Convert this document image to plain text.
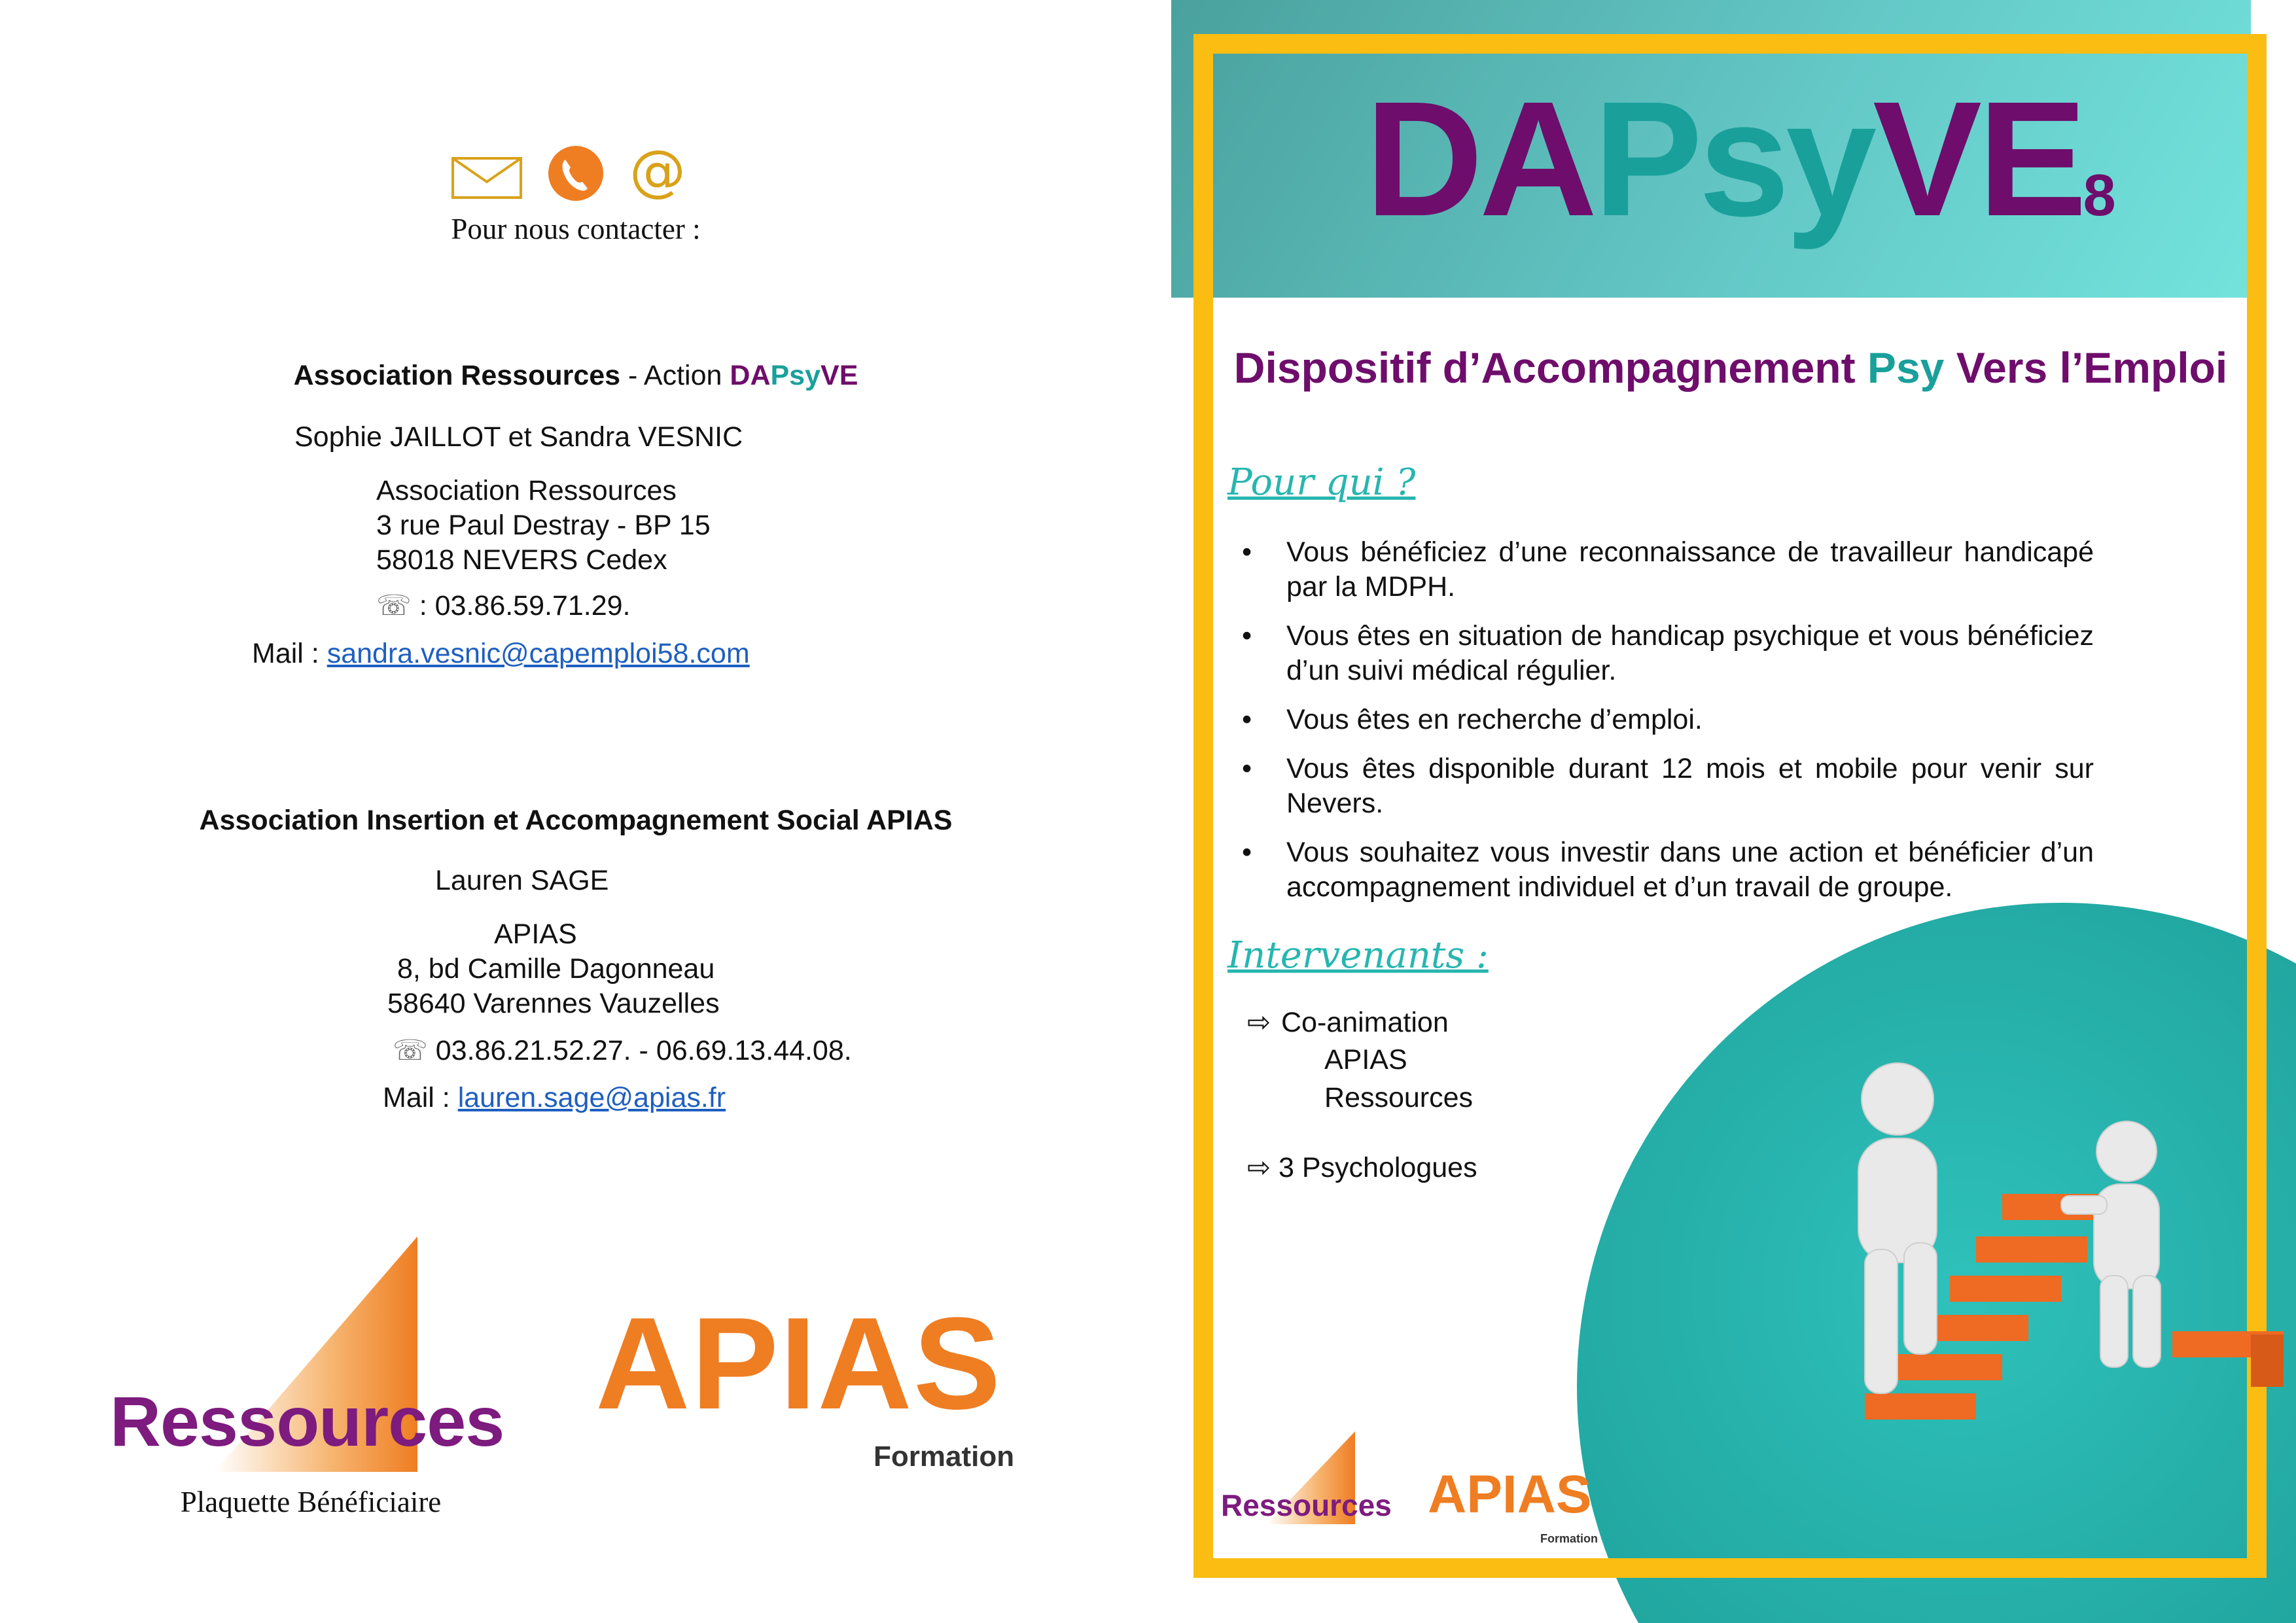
@
Pour nous contacter :
Association Ressources - Action DAPsyVE
Sophie JAILLOT et Sandra VESNIC
Association Ressources
3 rue Paul Destray - BP 15
58018 NEVERS Cedex
☏ : 03.86.59.71.29.
Mail : sandra.vesnic@capemploi58.com
Association Insertion et Accompagnement Social APIAS
Lauren SAGE
APIAS
8, bd Camille Dagonneau
58640 Varennes Vauzelles
☏ 03.86.21.52.27. - 06.69.13.44.08.
Mail : lauren.sage@apias.fr
Ressources APIAS
Formation
Plaquette Bénéficiaire
DAPsyVE8
Dispositif d’Accompagnement Psy Vers l’Emploi
Pour qui ?
• Vous bénéficiez d’une reconnaissance de travailleur handicapé par la MDPH.
• Vous êtes en situation de handicap psychique et vous bénéficiez d’un suivi médical régulier.
• Vous êtes en recherche d’emploi.
• Vous êtes disponible durant 12 mois et mobile pour venir sur Nevers.
• Vous souhaitez vous investir dans une action et bénéficier d’un accompagnement individuel et d’un travail de groupe.
Intervenants :
⇨ Co-animation
APIAS
Ressources
⇨ 3 Psychologues
Ressources APIAS
Formation
